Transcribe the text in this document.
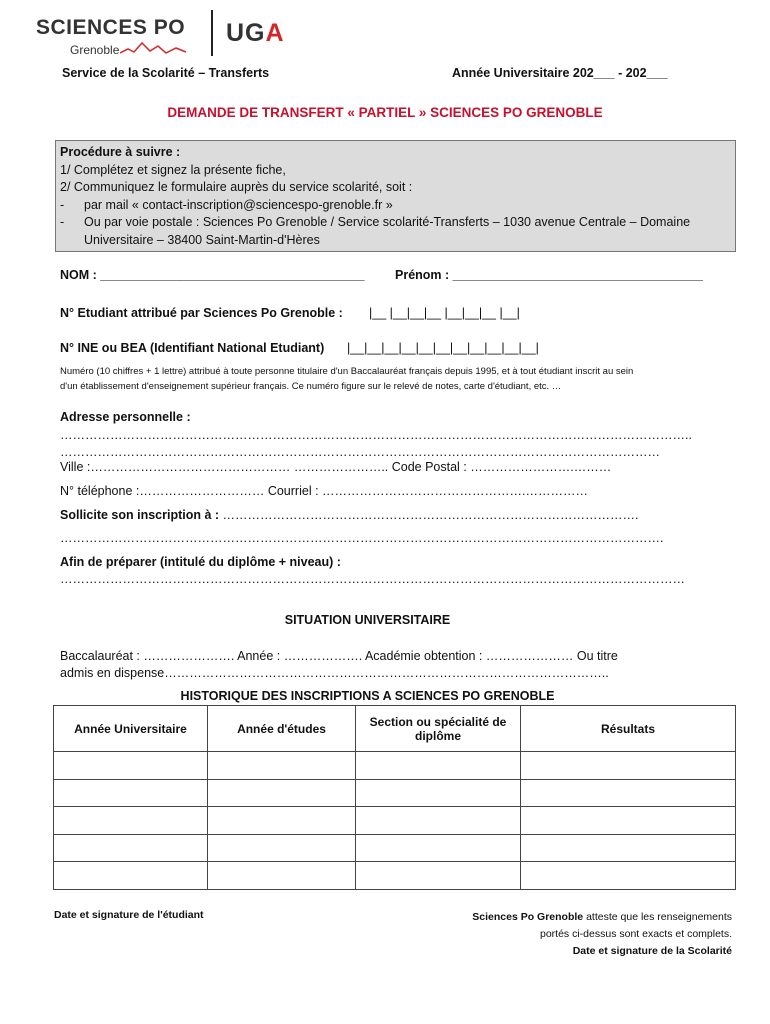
SCIENCES PO
Grenoble
UGA
Service de la Scolarité – Transferts	Année Universitaire 202___ - 202___
DEMANDE DE TRANSFERT « PARTIEL » SCIENCES PO GRENOBLE
Procédure à suivre :
1/ Complétez et signez la présente fiche,
2/ Communiquez le formulaire auprès du service scolarité, soit :
-	par mail « contact-inscription@sciencespo-grenoble.fr »
-	Ou par voie postale : Sciences Po Grenoble / Service scolarité-Transferts – 1030 avenue Centrale – Domaine
Universitaire – 38400 Saint-Martin-d'Hères
NOM : ______________________________________ Prénom : ____________________________________
N° Etudiant attribué par Sciences Po Grenoble : |__ |__|__|__ |__|__|__ |__|
N° INE ou BEA (Identifiant National Etudiant) |__|__|__|__|__|__|__|__|__|__|__|
Numéro (10 chiffres + 1 lettre) attribué à toute personne titulaire d'un Baccalauréat français depuis 1995, et à tout étudiant inscrit au sein
d'un établissement d'enseignement supérieur français. Ce numéro figure sur le relevé de notes, carte d'étudiant, etc. …
Adresse personnelle :
……………………………………………………………………………………………………………………………………..
………………………………………………………………………………………………………………………………
Ville :………………………………………… ………………….. Code Postal : …………………….………
N° téléphone :………………………… Courriel : ………………………………………….……………
Sollicite son inscription à : ……………………………………………………………………………………….
……………………………………………………………………………………………………………………………….
Afin de préparer (intitulé du diplôme + niveau) :
……………………………………………………………………………………………………………………………………
SITUATION UNIVERSITAIRE
Baccalauréat : …………………. Année : ………………. Académie obtention : ………………… Ou titre
admis en dispense……………………………………………………………………………………………..
HISTORIQUE DES INSCRIPTIONS A SCIENCES PO GRENOBLE
Année Universitaire	Année d'études	Section ou spécialité de diplôme	Résultats

Date et signature de l'étudiant	Sciences Po Grenoble atteste que les renseignements
portés ci-dessus sont exacts et complets.
Date et signature de la Scolarité
